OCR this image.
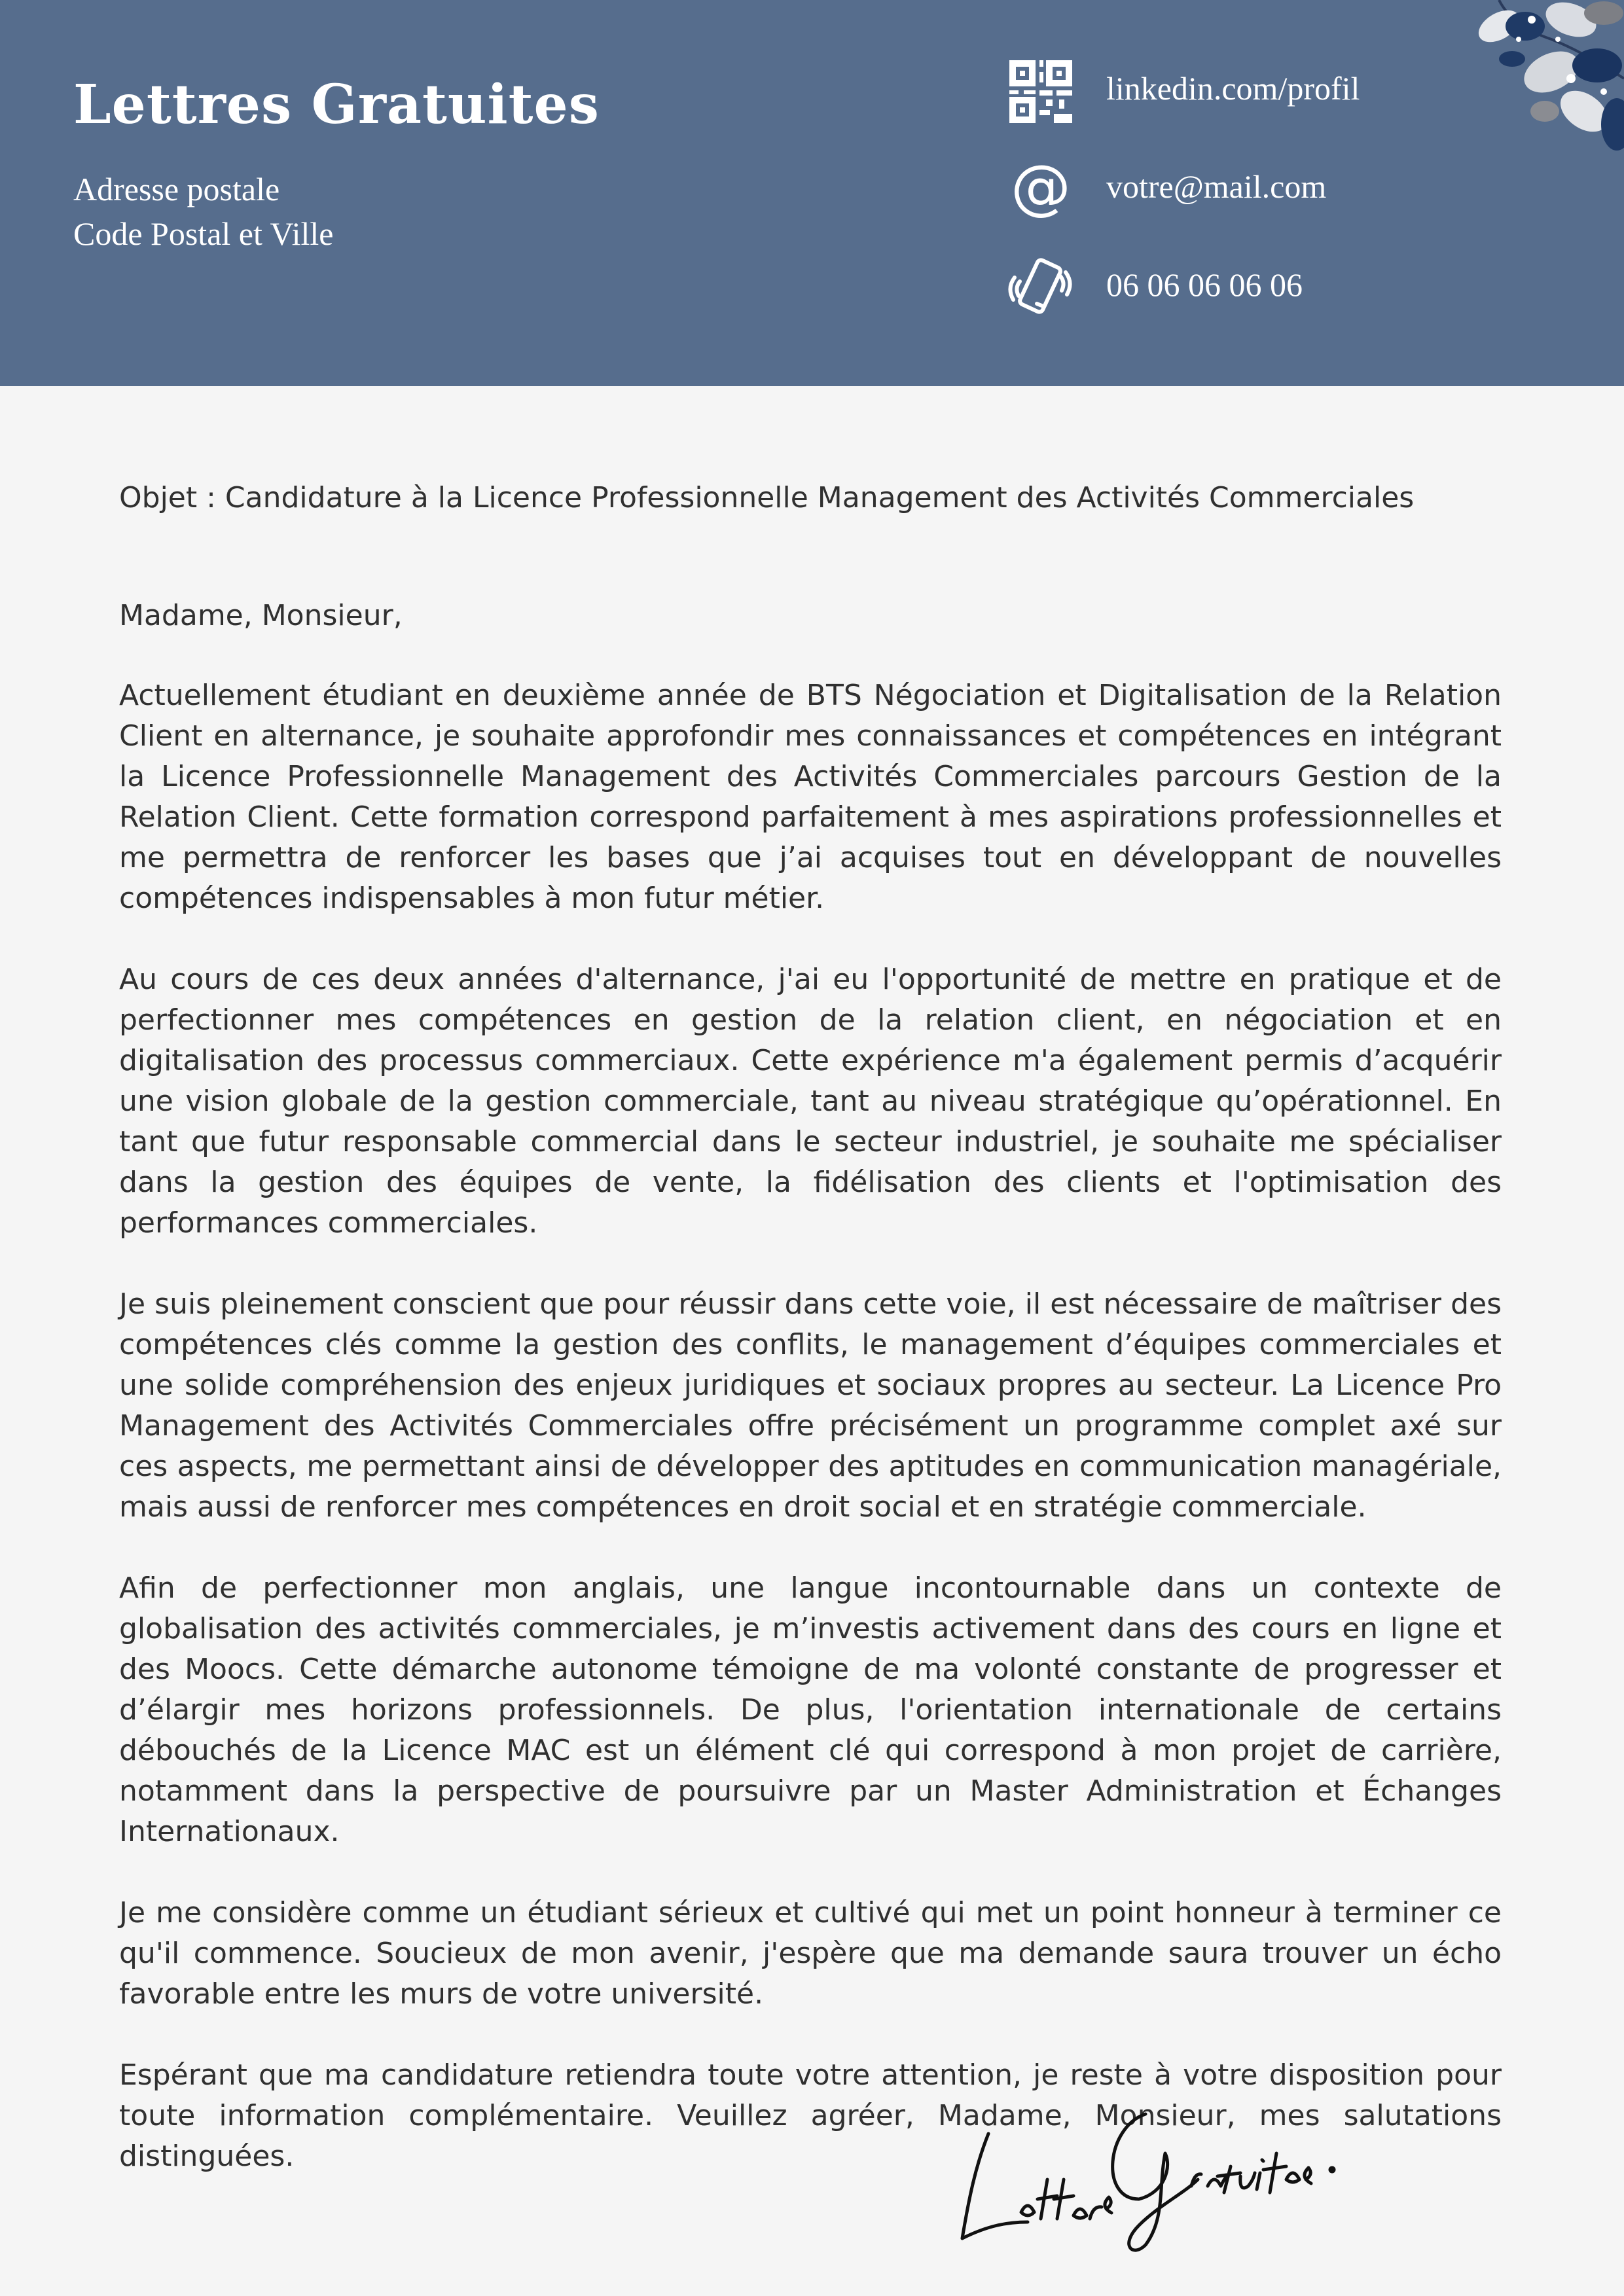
Lettres Gratuites
Adresse postale
Code Postal et Ville
linkedin.com/profil
@ votre@mail.com
06 06 06 06 06

Objet : Candidature à la Licence Professionnelle Management des Activités Commerciales

Madame, Monsieur,

Actuellement étudiant en deuxième année de BTS Négociation et Digitalisation de la Relation Client en alternance, je souhaite approfondir mes connaissances et compétences en intégrant la Licence Professionnelle Management des Activités Commerciales parcours Gestion de la Relation Client. Cette formation correspond parfaitement à mes aspirations professionnelles et me permettra de renforcer les bases que j’ai acquises tout en développant de nouvelles compétences indispensables à mon futur métier.

Au cours de ces deux années d'alternance, j'ai eu l'opportunité de mettre en pratique et de perfectionner mes compétences en gestion de la relation client, en négociation et en digitalisation des processus commerciaux. Cette expérience m'a également permis d’acquérir une vision globale de la gestion commerciale, tant au niveau stratégique qu’opérationnel. En tant que futur responsable commercial dans le secteur industriel, je souhaite me spécialiser dans la gestion des équipes de vente, la fidélisation des clients et l'optimisation des performances commerciales.

Je suis pleinement conscient que pour réussir dans cette voie, il est nécessaire de maîtriser des compétences clés comme la gestion des conflits, le management d’équipes commerciales et une solide compréhension des enjeux juridiques et sociaux propres au secteur. La Licence Pro Management des Activités Commerciales offre précisément un programme complet axé sur ces aspects, me permettant ainsi de développer des aptitudes en communication managériale, mais aussi de renforcer mes compétences en droit social et en stratégie commerciale.

Afin de perfectionner mon anglais, une langue incontournable dans un contexte de globalisation des activités commerciales, je m’investis activement dans des cours en ligne et des Moocs. Cette démarche autonome témoigne de ma volonté constante de progresser et d’élargir mes horizons professionnels. De plus, l'orientation internationale de certains débouchés de la Licence MAC est un élément clé qui correspond à mon projet de carrière, notamment dans la perspective de poursuivre par un Master Administration et Échanges Internationaux.

Je me considère comme un étudiant sérieux et cultivé qui met un point honneur à terminer ce qu'il commence. Soucieux de mon avenir, j'espère que ma demande saura trouver un écho favorable entre les murs de votre université.

Espérant que ma candidature retiendra toute votre attention, je reste à votre disposition pour toute information complémentaire. Veuillez agréer, Madame, Monsieur, mes salutations distinguées.
